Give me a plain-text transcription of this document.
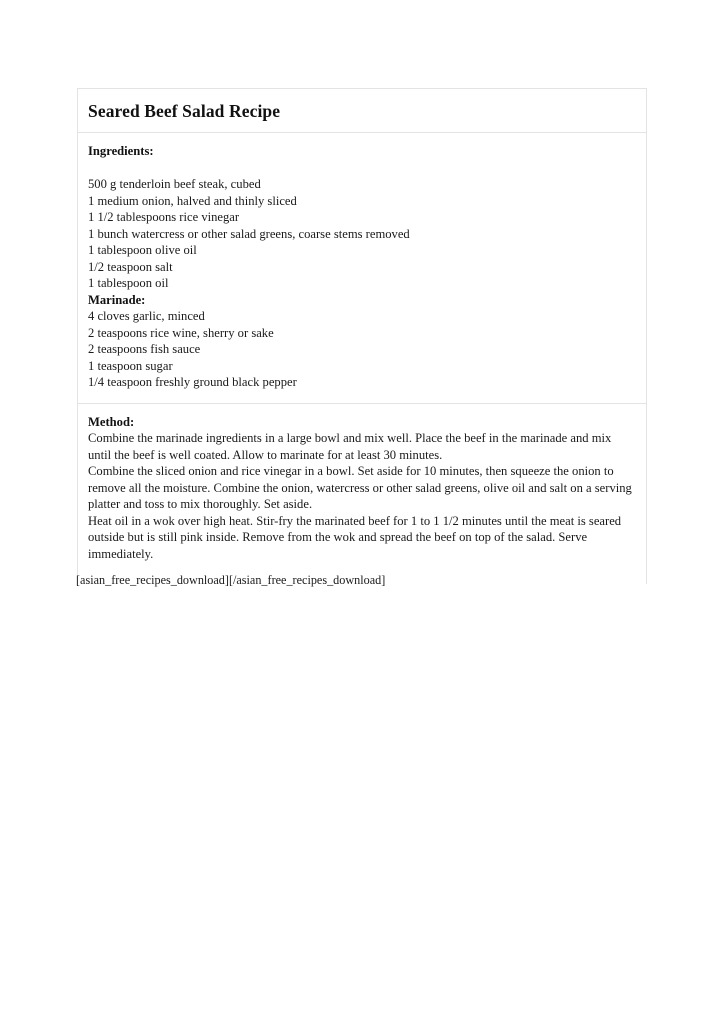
Seared Beef Salad Recipe
Ingredients:

500 g tenderloin beef steak, cubed
1 medium onion, halved and thinly sliced
1 1/2 tablespoons rice vinegar
1 bunch watercress or other salad greens, coarse stems removed
1 tablespoon olive oil
1/2 teaspoon salt
1 tablespoon oil
Marinade:
4 cloves garlic, minced
2 teaspoons rice wine, sherry or sake
2 teaspoons fish sauce
1 teaspoon sugar
1/4 teaspoon freshly ground black pepper
Method:

Combine the marinade ingredients in a large bowl and mix well. Place the beef in the marinade and mix until the beef is well coated. Allow to marinate for at least 30 minutes.

Combine the sliced onion and rice vinegar in a bowl. Set aside for 10 minutes, then squeeze the onion to remove all the moisture. Combine the onion, watercress or other salad greens, olive oil and salt on a serving platter and toss to mix thoroughly. Set aside.

Heat oil in a wok over high heat. Stir-fry the marinated beef for 1 to 1 1/2 minutes until the meat is seared outside but is still pink inside. Remove from the wok and spread the beef on top of the salad. Serve immediately.

[asian_free_recipes_download][/asian_free_recipes_download]
